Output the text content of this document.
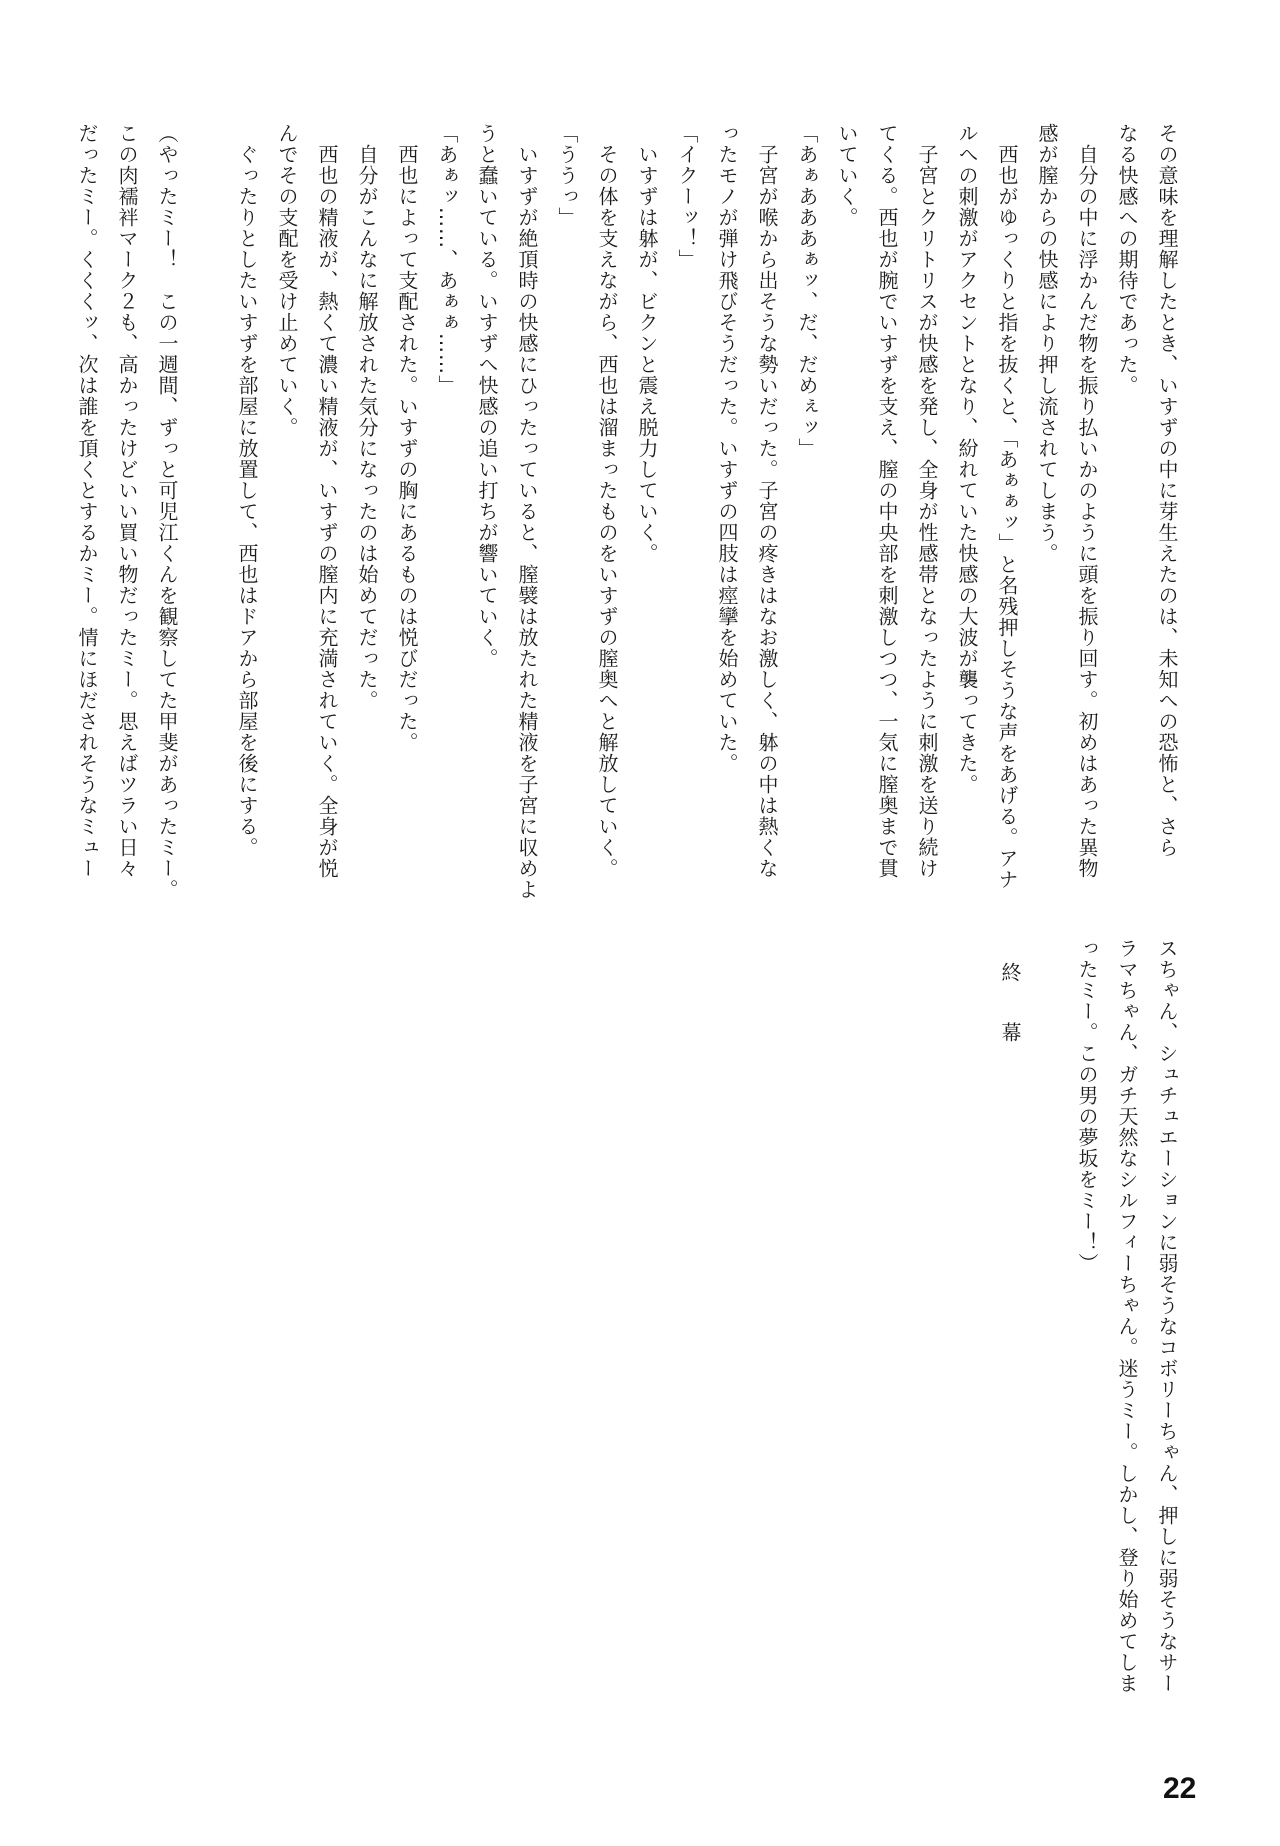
その意味を理解したとき、いすずの中に芽生えたのは、未知への恐怖と、さら
なる快感への期待であった。
　自分の中に浮かんだ物を振り払いかのように頭を振り回す。初めはあった異物
感が膣からの快感により押し流されてしまう。
　西也がゆっくりと指を抜くと、「あぁぁッ」と名残押しそうな声をあげる。アナ
ルへの刺激がアクセントとなり、紛れていた快感の大波が襲ってきた。
　子宮とクリトリスが快感を発し、全身が性感帯となったように刺激を送り続け
てくる。西也が腕でいすずを支え、膣の中央部を刺激しつつ、一気に膣奥まで貫
いていく。
「あぁあああぁッ、だ、だめぇッ」
　子宮が喉から出そうな勢いだった。子宮の疼きはなお激しく、躰の中は熱くな
ったモノが弾け飛びそうだった。いすずの四肢は痙攣を始めていた。
「イクーッ！」
　いすずは躰が、ビクンと震え脱力していく。
　その体を支えながら、西也は溜まったものをいすずの膣奥へと解放していく。
「ううっ」
　いすずが絶頂時の快感にひったっていると、膣襞は放たれた精液を子宮に収めよ
うと蠢いている。いすずへ快感の追い打ちが響いていく。
「あぁッ……、あぁぁ……」
　西也によって支配された。いすずの胸にあるものは悦びだった。
　自分がこんなに解放された気分になったのは始めてだった。
　西也の精液が、熱くて濃い精液が、いすずの膣内に充満されていく。全身が悦
んでその支配を受け止めていく。
　ぐったりとしたいすずを部屋に放置して、西也はドアから部屋を後にする。
（やったミー！　この一週間、ずっと可児江くんを観察してた甲斐があったミー。
この肉襦袢マーク２も、高かったけどいい買い物だったミー。思えばツラい日々
だったミー。くくくッ、次は誰を頂くとするかミー。情にほだされそうなミュー
スちゃん、シュチュエーションに弱そうなコボリーちゃん、押しに弱そうなサー
ラマちゃん、ガチ天然なシルフィーちゃん。迷うミー。しかし、登り始めてしま
ったミー。この男の夢坂をミー！）
終幕
22
